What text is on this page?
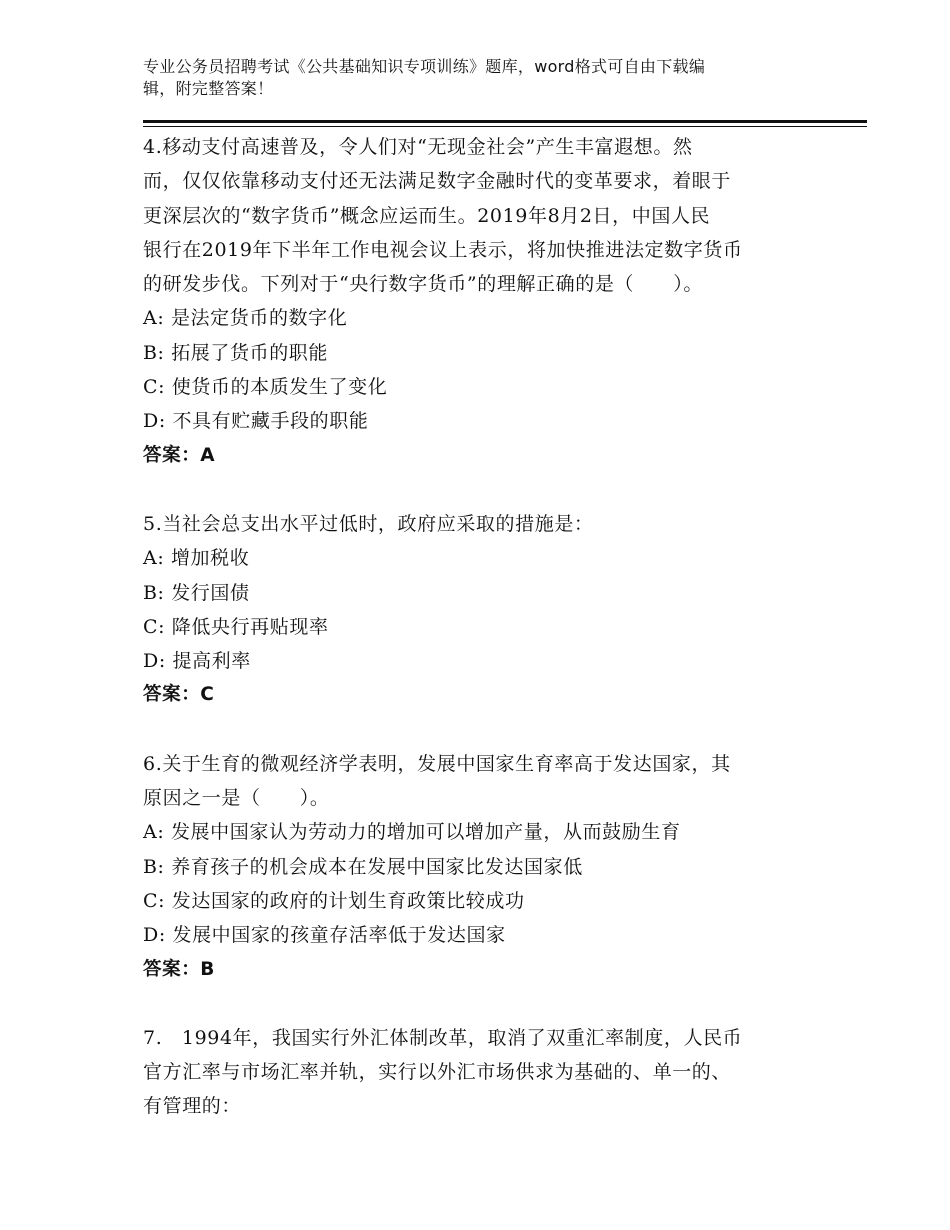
专业公务员招聘考试《公共基础知识专项训练》题库，word格式可自由下载编
辑，附完整答案！
4.移动支付高速普及，令人们对“无现金社会”产生丰富遐想。然
而，仅仅依靠移动支付还无法满足数字金融时代的变革要求，着眼于
更深层次的“数字货币”概念应运而生。2019年8月2日，中国人民
银行在2019年下半年工作电视会议上表示，将加快推进法定数字货币
的研发步伐。下列对于“央行数字货币”的理解正确的是（　　）。
A: 是法定货币的数字化
B: 拓展了货币的职能
C: 使货币的本质发生了变化
D: 不具有贮藏手段的职能
答案：A
5.当社会总支出水平过低时，政府应采取的措施是：
A: 增加税收
B: 发行国债
C: 降低央行再贴现率
D: 提高利率
答案：C
6.关于生育的微观经济学表明，发展中国家生育率高于发达国家，其
原因之一是（　　）。
A: 发展中国家认为劳动力的增加可以增加产量，从而鼓励生育
B: 养育孩子的机会成本在发展中国家比发达国家低
C: 发达国家的政府的计划生育政策比较成功
D: 发展中国家的孩童存活率低于发达国家
答案：B
7.　1994年，我国实行外汇体制改革，取消了双重汇率制度，人民币
官方汇率与市场汇率并轨，实行以外汇市场供求为基础的、单一的、
有管理的：
